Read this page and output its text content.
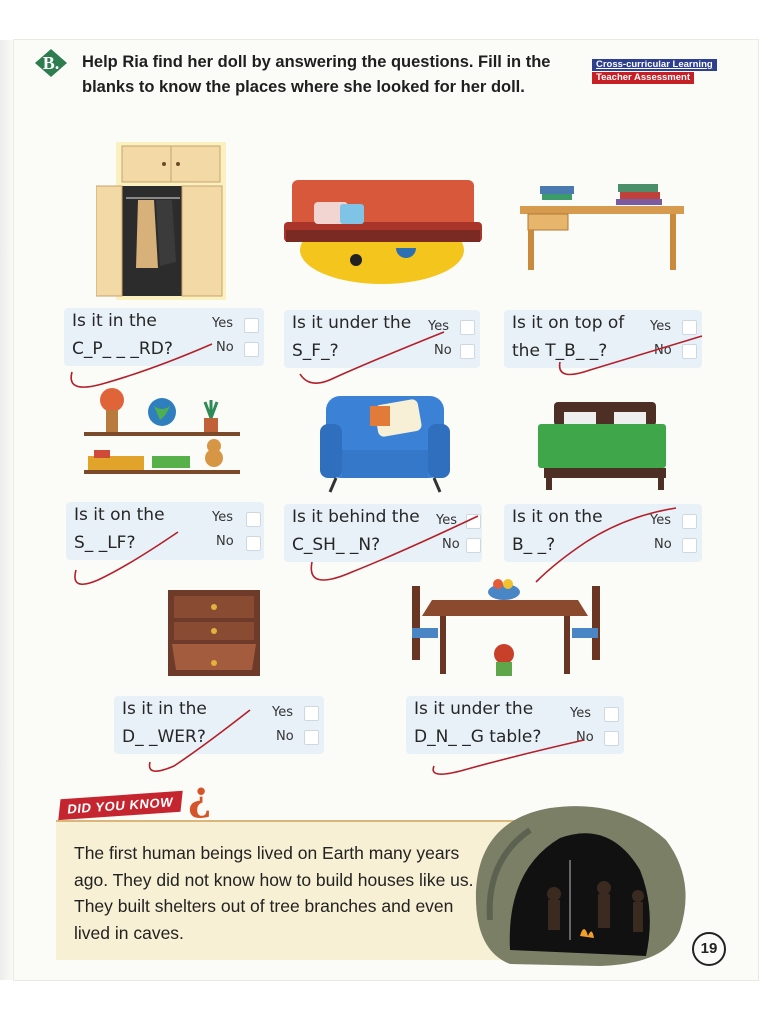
B. Help Ria find her doll by answering the questions. Fill in the blanks to know the places where she looked for her doll.
Cross-curricular Learning
Teacher Assessment
Is it in the
C_P_ _ _RD?
Yes
No
Is it under the
S_F_?
Yes
No
Is it on top of
the T_B_ _?
Yes
No
Is it on the
S_ _LF?
Yes
No
Is it behind the
C_SH_ _N?
Yes
No
Is it on the
B_ _?
Yes
No
Is it in the
D_ _WER?
Yes
No
Is it under the
D_N_ _G table?
Yes
No
DID YOU KNOW ?
The first human beings lived on Earth many years ago. They did not know how to build houses like us. They built shelters out of tree branches and even lived in caves.
19
